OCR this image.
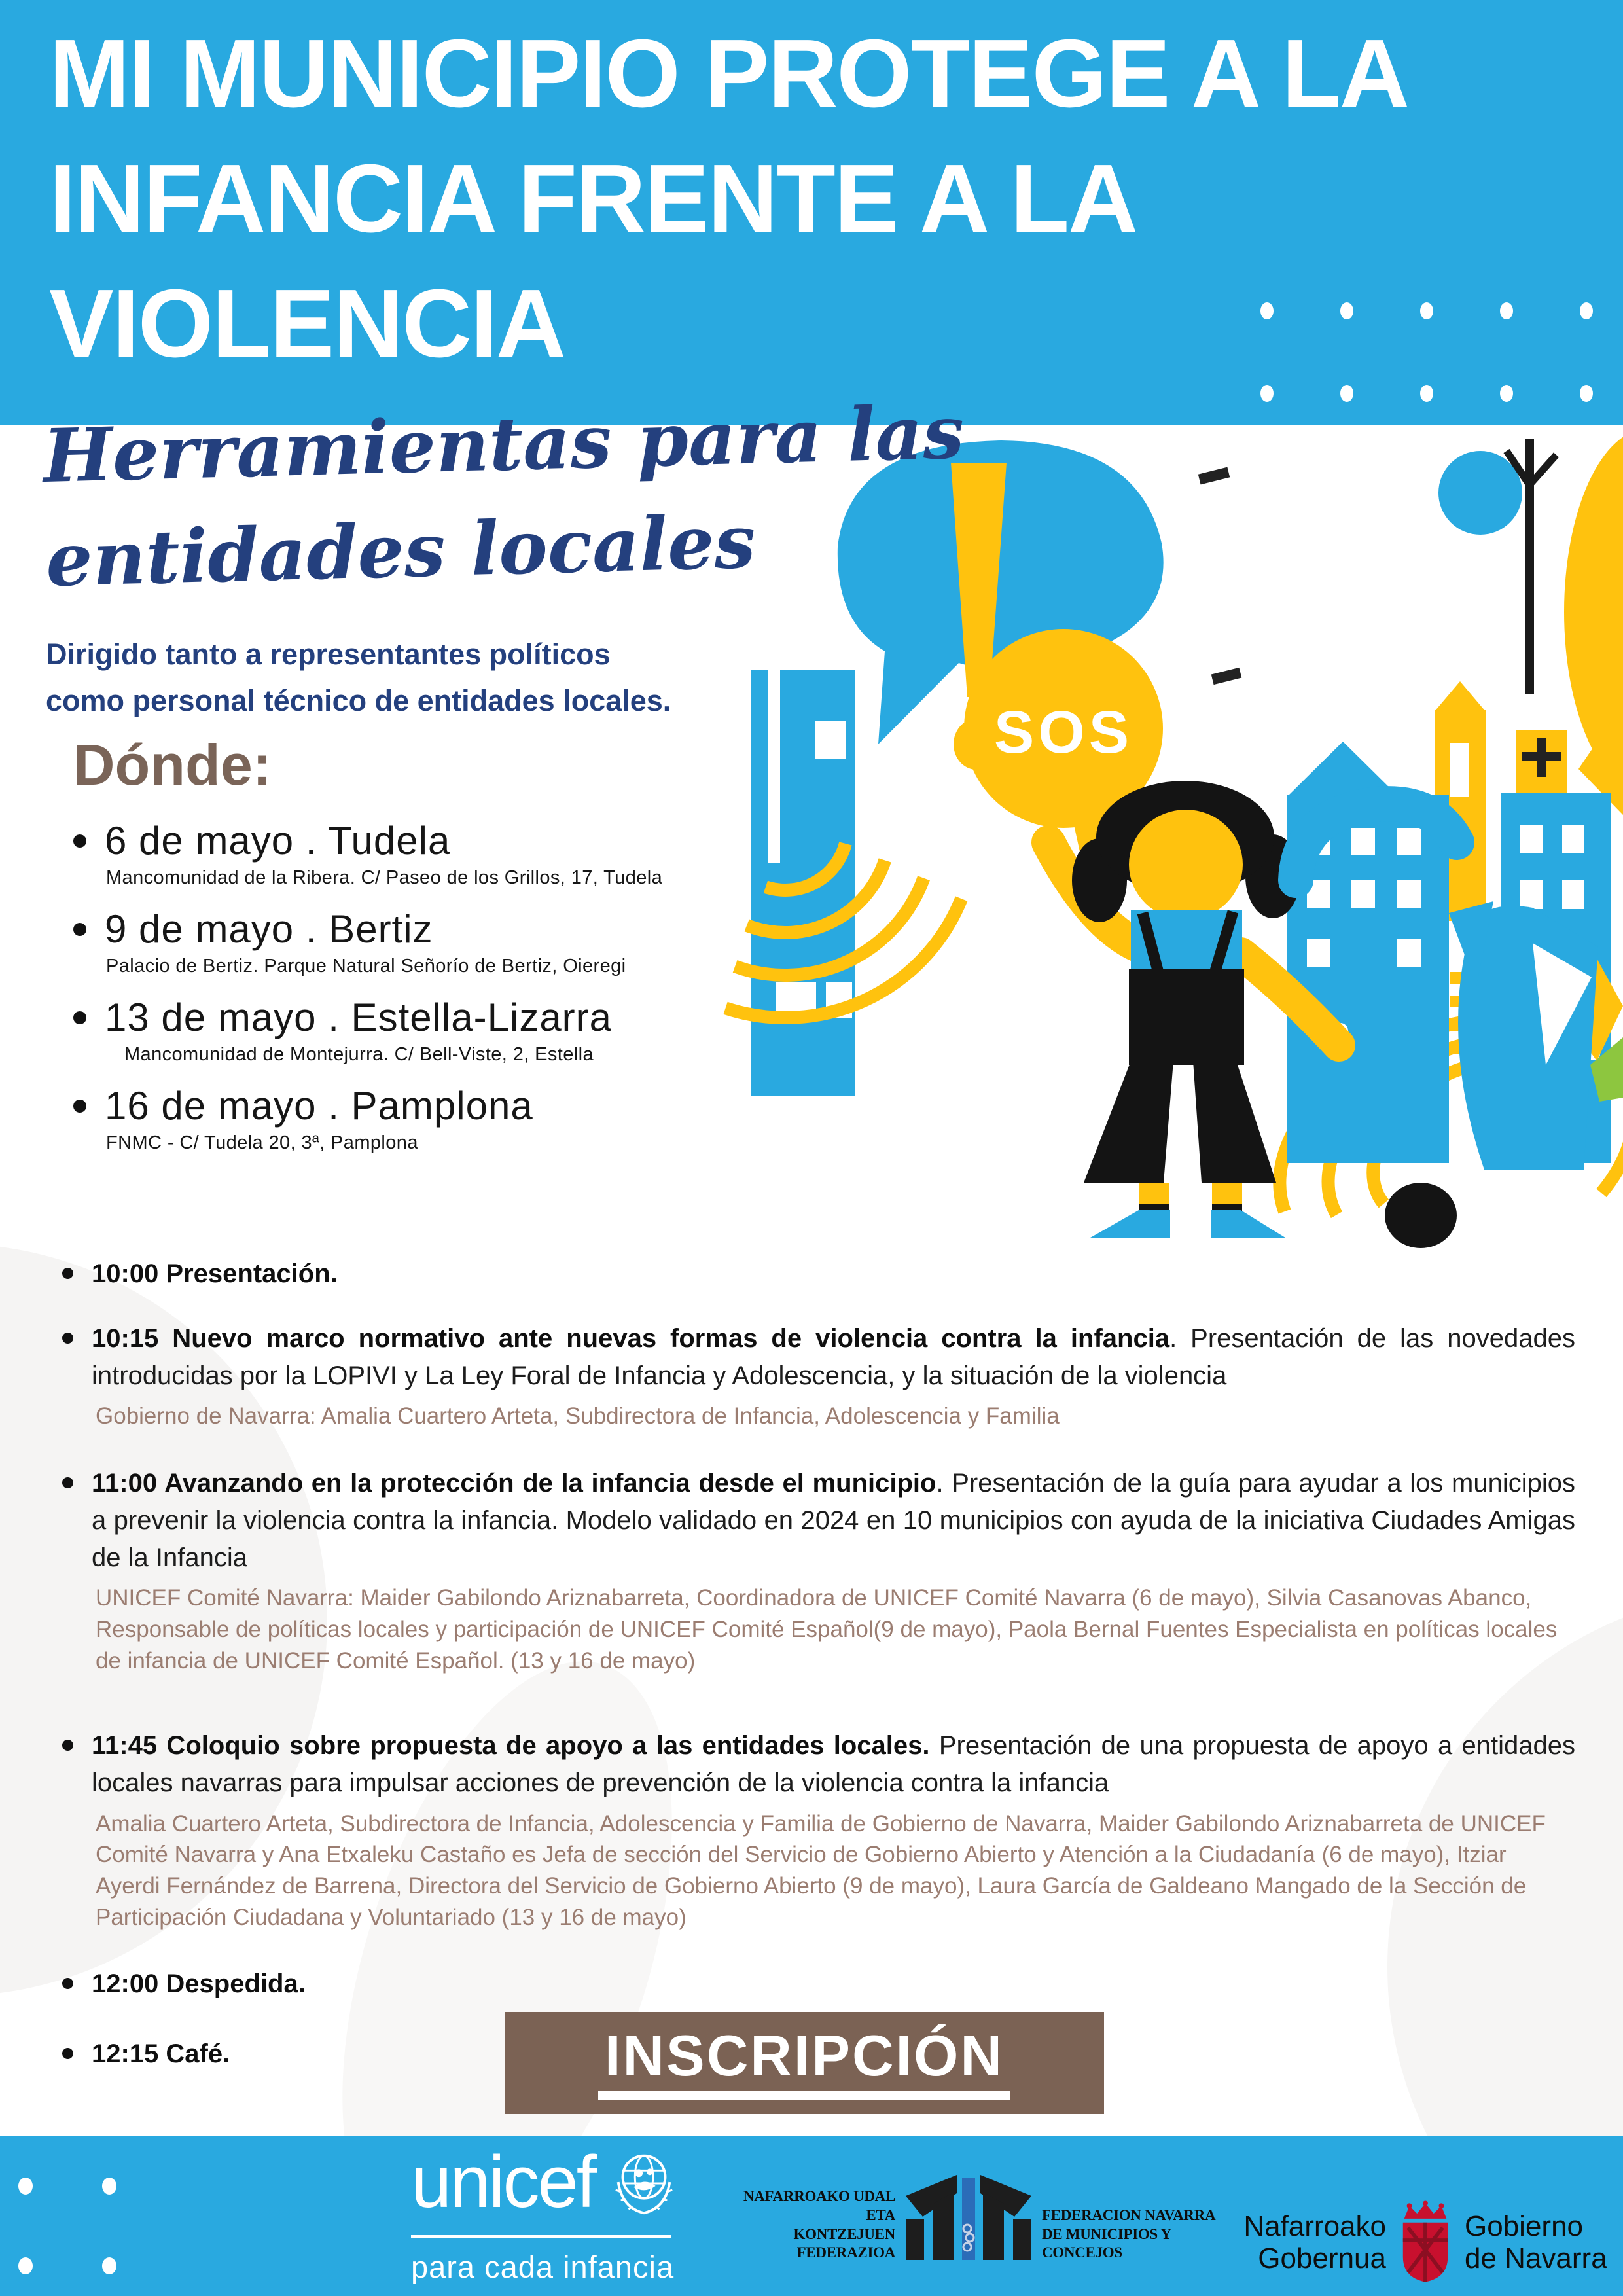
SOS
MI MUNICIPIO PROTEGE A LA
INFANCIA FRENTE A LA
VIOLENCIA
Herramientas para las
entidades locales
Dirigido tanto a representantes políticos
como personal técnico de entidades locales.
Dónde:
6 de mayo . Tudela
Mancomunidad de la Ribera. C/ Paseo de los Grillos, 17, Tudela
9 de mayo . Bertiz
Palacio de Bertiz. Parque Natural Señorío de Bertiz, Oieregi
13 de mayo . Estella-Lizarra
Mancomunidad de Montejurra. C/ Bell-Viste, 2, Estella
16 de mayo . Pamplona
FNMC - C/ Tudela 20, 3ª, Pamplona
10:00 Presentación.
10:15 Nuevo marco normativo ante nuevas formas de violencia contra la infancia. Presentación de las novedades introducidas por la LOPIVI y La Ley Foral de Infancia y Adolescencia, y la situación de la violencia
Gobierno de Navarra: Amalia Cuartero Arteta, Subdirectora de Infancia, Adolescencia y Familia
11:00 Avanzando en la protección de la infancia desde el municipio. Presentación de la guía para ayudar a los municipios a prevenir la violencia contra la infancia. Modelo validado en 2024 en 10 municipios con ayuda de la iniciativa Ciudades Amigas de la Infancia
UNICEF Comité Navarra: Maider Gabilondo Ariznabarreta, Coordinadora de UNICEF Comité Navarra (6 de mayo), Silvia Casanovas Abanco, Responsable de políticas locales y participación de UNICEF Comité Español(9 de mayo), Paola Bernal Fuentes Especialista en políticas locales de infancia de UNICEF Comité Español. (13 y 16 de mayo)
11:45 Coloquio sobre propuesta de apoyo a las entidades locales. Presentación de una propuesta de apoyo a entidades locales navarras para impulsar acciones de prevención de la violencia contra la infancia
Amalia Cuartero Arteta, Subdirectora de Infancia, Adolescencia y Familia de Gobierno de Navarra, Maider Gabilondo Ariznabarreta de UNICEF Comité Navarra y Ana Etxaleku Castaño es Jefa de sección del Servicio de Gobierno Abierto y Atención a la Ciudadanía (6 de mayo), Itziar Ayerdi Fernández de Barrena, Directora del Servicio de Gobierno Abierto (9 de mayo), Laura García de Galdeano Mangado de la Sección de Participación Ciudadana y Voluntariado (13 y 16 de mayo)
12:00 Despedida.
12:15 Café.	INSCRIPCIÓN
unicef
para cada infancia
NAFARROAKO UDAL ETA
KONTZEJUEN FEDERAZIOA
FEDERACION NAVARRA
DE MUNICIPIOS Y CONCEJOS
Nafarroako
Gobernua
Gobierno
de Navarra
